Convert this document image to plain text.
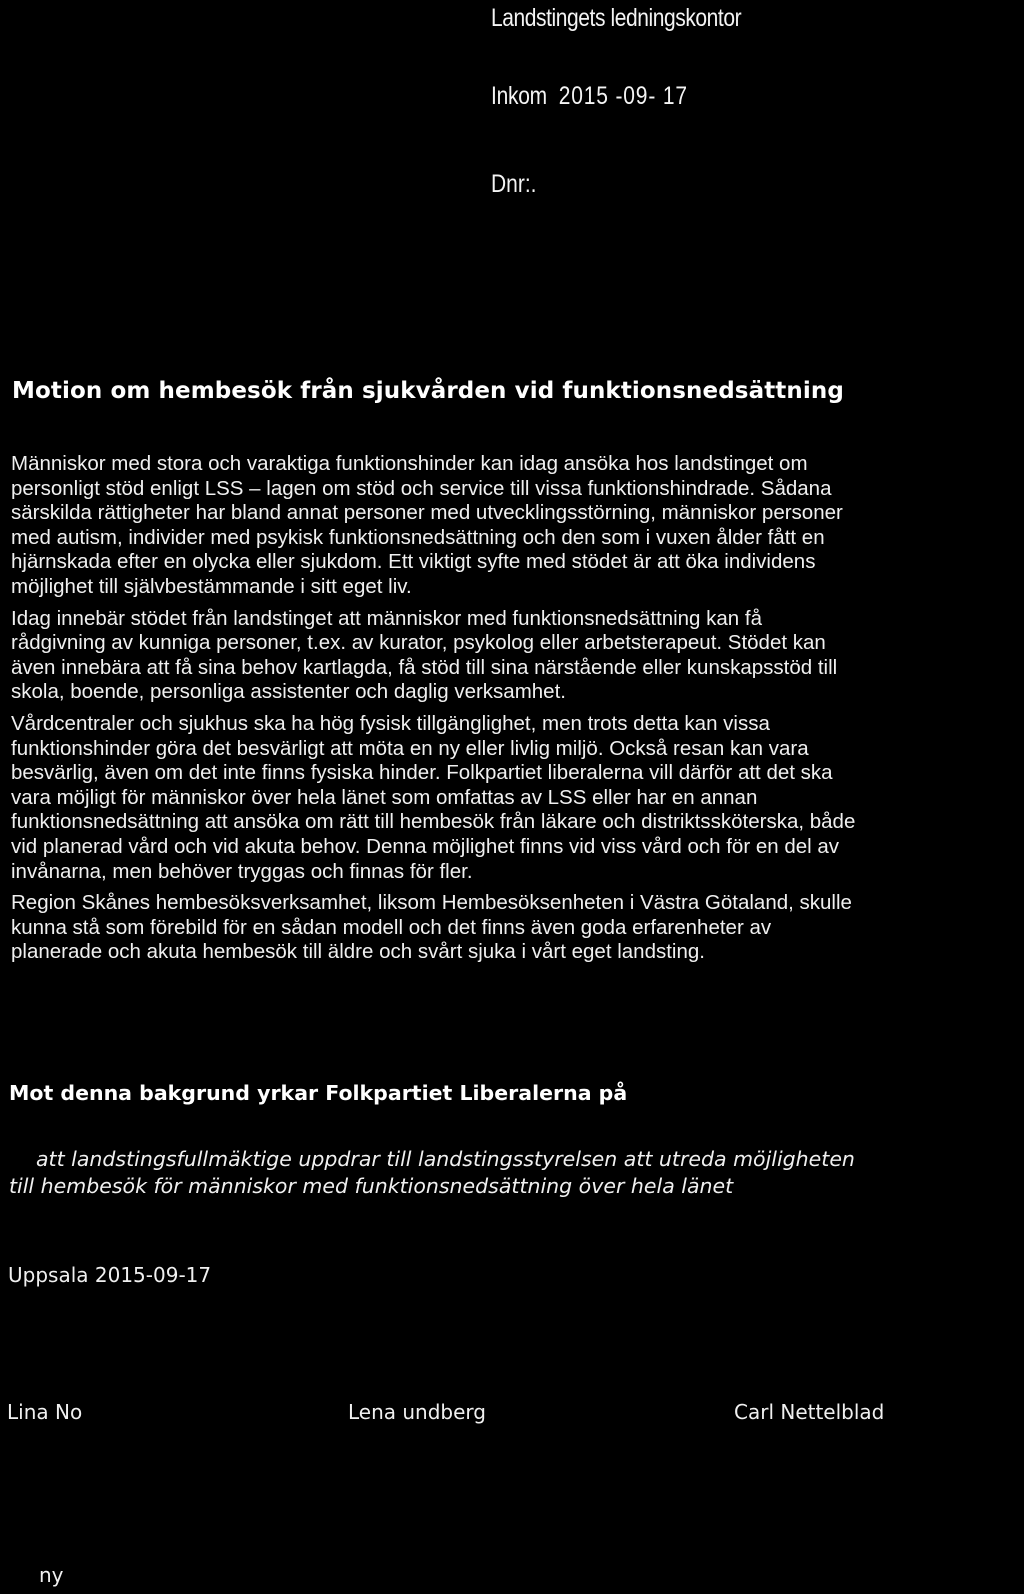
Landstingets ledningskontor
Inkom 2015 -09- 17
Dnr:.
Motion om hembesök från sjukvården vid funktionsnedsättning

Människor med stora och varaktiga funktionshinder kan idag ansöka hos landstinget om
personligt stöd enligt LSS – lagen om stöd och service till vissa funktionshindrade. Sådana
särskilda rättigheter har bland annat personer med utvecklingsstörning, människor personer
med autism, individer med psykisk funktionsnedsättning och den som i vuxen ålder fått en
hjärnskada efter en olycka eller sjukdom. Ett viktigt syfte med stödet är att öka individens
möjlighet till självbestämmande i sitt eget liv.

Idag innebär stödet från landstinget att människor med funktionsnedsättning kan få
rådgivning av kunniga personer, t.ex. av kurator, psykolog eller arbetsterapeut. Stödet kan
även innebära att få sina behov kartlagda, få stöd till sina närstående eller kunskapsstöd till
skola, boende, personliga assistenter och daglig verksamhet.

Vårdcentraler och sjukhus ska ha hög fysisk tillgänglighet, men trots detta kan vissa
funktionshinder göra det besvärligt att möta en ny eller livlig miljö. Också resan kan vara
besvärlig, även om det inte finns fysiska hinder. Folkpartiet liberalerna vill därför att det ska
vara möjligt för människor över hela länet som omfattas av LSS eller har en annan
funktionsnedsättning att ansöka om rätt till hembesök från läkare och distriktssköterska, både
vid planerad vård och vid akuta behov. Denna möjlighet finns vid viss vård och för en del av
invånarna, men behöver tryggas och finnas för fler.

Region Skånes hembesöksverksamhet, liksom Hembesöksenheten i Västra Götaland, skulle
kunna stå som förebild för en sådan modell och det finns även goda erfarenheter av
planerade och akuta hembesök till äldre och svårt sjuka i vårt eget landsting.

Mot denna bakgrund yrkar Folkpartiet Liberalerna på
att landstingsfullmäktige uppdrar till landstingsstyrelsen att utreda möjligheten
till hembesök för människor med funktionsnedsättning över hela länet
Uppsala 2015-09-17
Lina No	Lena undberg	Carl Nettelblad
ny
